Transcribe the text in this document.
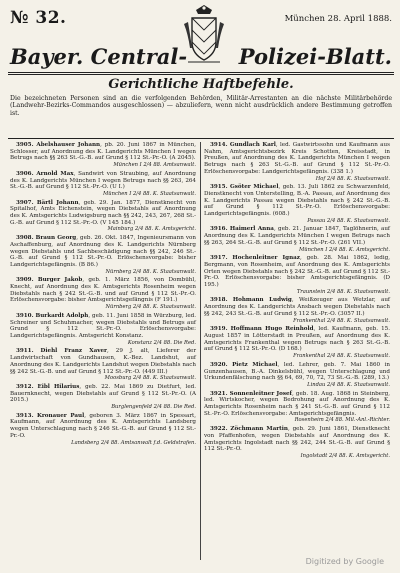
№ 32.	München 28. April 1888.
Bayer. Central- Polizei-Blatt.
Gerichtliche Haftbefehle.
Die bezeichneten Personen sind an die verfolgenden Behörden, Militär-Arrestanten an die nächste Militärbehörde (Landwehr-Bezirks-Commandos ausgeschlossen) — abzuliefern, wenn nicht ausdrücklich andere Bestimmung getroffen ist.

3905. Abelshauser Johann, pb. 20. Juni 1867 in München, Schlosser, auf Anordnung des K. Landgerichts München I wegen Betrugs nach §§ 263 St.-G.-B. auf Grund § 112 St.-Pr.-O. (A 2045).
München I 2/4 88. Amtsanwalt.

3906. Arnold Max, Sandwirt von Straubing, auf Anordnung des K. Landgerichts München I wegen Betrugs nach §§ 263, 264 St.-G.-B. auf Grund § 112 St.-Pr.-O. (U I.)
München I 2/4 88. K. Staatsanwalt.

3907. Bärtl Johann, geb. 29. Jan. 1877, Dienstknecht von Spitalhof, Amts Eichenstein, wegen Diebstahls auf Anordnung des K. Amtsgerichts Ludwigsburg nach §§ 242, 243, 267, 268 St.-G.-B. auf Grund § 112 St.-Pr.-O. (V 145 184.)
Mainburg 2/4 88. K. Amtsgericht.

3908. Braun Georg, geb. 26. Okt. 1847, Ingenieursmann von Aschaffenburg, auf Anordnung des K. Landgerichts Nürnberg wegen Diebstahls und Sachbeschädigung nach §§ 242, 246 St.-G.-B. auf Grund § 112 St.-Pr.-O. Erlöschensvorgabe: bisher Landgerichtsgefängnis. (B 86.)
Nürnberg 2/4 88. K. Staatsanwalt.

3909. Burger Jakob, geb. 1. März 1856, von Dombühl, Knecht, auf Anordnung des K. Amtsgerichts Rosenheim wegen Diebstahls nach § 242 St.-G.-B. und auf Grund § 112 St.-Pr.-O. Erlöschensvorgabe: bisher Amtsgerichtsgefängnis (F 191.)
Nürnberg 2/4 88. K. Staatsanwalt.

3910. Burkardt Adolph, geb. 11. Juni 1858 in Würzburg, led. Schreiner und Schuhmacher, wegen Diebstahls und Betrugs auf Grund § 112 St.-Pr.-O. Erlöschensvorgabe: Landgerichtsgefängnis. Amtsgericht Konstanz.
Konstanz 2/4 88. Die Red.

3911. Diehl Franz Xaver, 29 J. alt, Lieferer der Landwirtschaft von Gundhausen, K.-Bez. Landshut, auf Anordnung des K. Landgerichts Landshut wegen Diebstahls nach §§ 242 St.-G.-B. und auf Grund § 112 St.-Pr.-O. (449 III.)
Moosburg 2/4 88. K. Staatsanwalt.

3912. Eibl Hilarius, geb. 22. Mai 1869 zu Dietfurt, led. Bauernknecht, wegen Diebstahls auf Grund § 112 St.-Pr.-O. (A 2015.)
Burglengenfeld 2/4 88. Die Red.

3913. Kronauer Paul, geboren 3. März 1867 in Spessart, Kaufmann, auf Anordnung des K. Amtsgerichts Landsberg wegen Unterschlagung nach § 246 St.-G.-B. auf Grund § 112 St.-Pr.-O.
Landsberg 2/4 88. Amtsanwalt f.d. Geldstrafen.

3914. Gundlach Karl, led. Gastwirtssohn und Kaufmann aus Nahm, Amtsgerichtsbezirk Kreis Schotten, Kreisstadt, in Preußen, auf Anordnung des K. Landgerichts München I wegen Betrugs nach § 263 St.-G.-B. auf Grund § 112 St.-Pr.-O. Erlöschensvorgabe: Landgerichtsgefängnis. (338 1.)
Hof 2/4 88. K. Staatsanwalt.

3915. Gsöter Michael, geb. 13. Juli 1862 zu Schwarzenfeld, Dienstknecht von Unterstelling, B.-A. Passau, auf Anordnung des K. Landgerichts Passau wegen Diebstahls nach § 242 St.-G.-B. auf Grund § 112 St.-Pr.-O. Erlöschensvorgabe: Landgerichtsgefängnis. (608.)
Passau 2/4 88. K. Staatsanwalt.

3916. Haimerl Anna, geb. 21. Januar 1847, Taglöhnerin, auf Anordnung des K. Landgerichts München I wegen Betrugs nach §§ 263, 264 St.-G.-B. auf Grund § 112 St.-Pr.-O. (261 VII.)
München I 2/4 88. K. Amtsgericht.

3917. Hochenleitner Ignaz, geb. 28. Mai 1862, ledig, Bergmann, von Rosenheim, auf Anordnung des K. Amtsgerichts Orten wegen Diebstahls nach § 242 St.-G.-B. auf Grund § 112 St.-Pr.-O. Erlöschensvorgabe: bisher Amtsgerichtsgefängnis. (D 195.)
Traunstein 2/4 88. K. Staatsanwalt.

3918. Hohmann Ludwig, Weißzeuger aus Wetzlar, auf Anordnung des K. Landgerichts Ansbach wegen Diebstahls nach §§ 242, 243 St.-G.-B. auf Grund § 112 St.-Pr.-O. (3057 II.)
Frankenthal 2/4 88. K. Staatsanwalt.

3919. Hoffmann Hugo Reinhold, led. Kaufmann, geb. 15. August 1857 in Lötterstadt in Preußen, auf Anordnung des K. Amtsgerichts Frankenthal wegen Betrugs nach § 263 St.-G.-B. auf Grund § 112 St.-Pr.-O. (D 168.)
Frankenthal 2/4 88. K. Staatsanwalt.

3920. Pietz Michael, led. Lehrer, geb. 7. Mai 1860 in Gunzenhausen, B.-A. Dinkelsbühl, wegen Unterschlagung und Urkundenfälschung nach §§ 64, 69, 70, 72, 73 St.-G.-B. (289, 13.)
Lindau 2/4 88. K. Staatsanwalt.

3921. Sonnenleitner Josef, geb. 18. Aug. 1868 in Steinberg, led. Wirtskocher, wegen Bedrohung auf Anordnung des K. Amtsgerichts Rosenheim nach § 241 St.-G.-B. auf Grund § 112 St.-Pr.-O. Erlöschensvorgabe: Amtsgerichtsgefängnis.
Rosenheim 2/4 88. Mil.-Anl.-Richter.

3922. Zöchmann Martin, geb. 29. Juni 1861, Dienstknecht von Pfaffenhofen, wegen Diebstahls auf Anordnung des K. Amtsgerichts Ingolstadt nach §§ 242, 244 St.-G.-B. auf Grund § 112 St.-Pr.-O.
Ingolstadt 2/4 88. K. Amtsgericht.

Digitized by Google
